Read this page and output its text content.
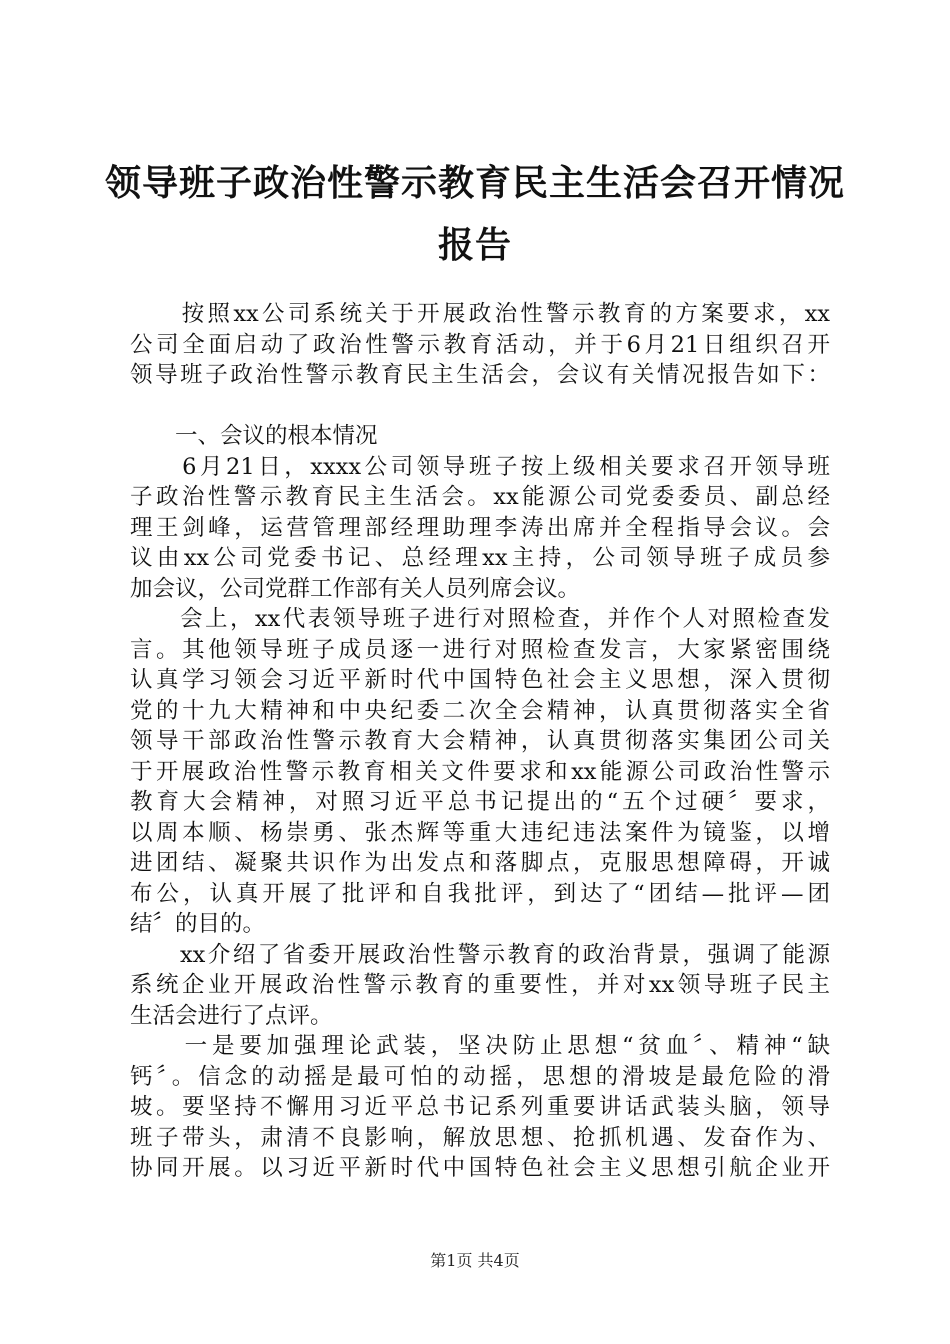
领导班子政治性警示教育民主生活会召开情况
报告
　　按照xx公司系统关于开展政治性警示教育的方案要求，xx
公司全面启动了政治性警示教育活动，并于6月21日组织召开
领导班子政治性警示教育民主生活会，会议有关情况报告如下：
　　一、会议的根本情况
　　6月21日，xxxx公司领导班子按上级相关要求召开领导班
子政治性警示教育民主生活会。xx能源公司党委委员、副总经
理王剑峰，运营管理部经理助理李涛出席并全程指导会议。会
议由xx公司党委书记、总经理xx主持，公司领导班子成员参
加会议，公司党群工作部有关人员列席会议。
　　会上，xx代表领导班子进行对照检查，并作个人对照检查发
言。其他领导班子成员逐一进行对照检查发言，大家紧密围绕
认真学习领会习近平新时代中国特色社会主义思想，深入贯彻
党的十九大精神和中央纪委二次全会精神，认真贯彻落实全省
领导干部政治性警示教育大会精神，认真贯彻落实集团公司关
于开展政治性警示教育相关文件要求和xx能源公司政治性警示
教育大会精神，对照习近平总书记提出的“五个过硬〞要求，
以周本顺、杨崇勇、张杰辉等重大违纪违法案件为镜鉴，以增
进团结、凝聚共识作为出发点和落脚点，克服思想障碍，开诚
布公，认真开展了批评和自我批评，到达了“团结—批评—团
结〞的目的。
　　xx介绍了省委开展政治性警示教育的政治背景，强调了能源
系统企业开展政治性警示教育的重要性，并对xx领导班子民主
生活会进行了点评。
　　一是要加强理论武装，坚决防止思想“贫血〞、精神“缺
钙〞。信念的动摇是最可怕的动摇，思想的滑坡是最危险的滑
坡。要坚持不懈用习近平总书记系列重要讲话武装头脑，领导
班子带头，肃清不良影响，解放思想、抢抓机遇、发奋作为、
协同开展。以习近平新时代中国特色社会主义思想引航企业开
第1页 共4页
